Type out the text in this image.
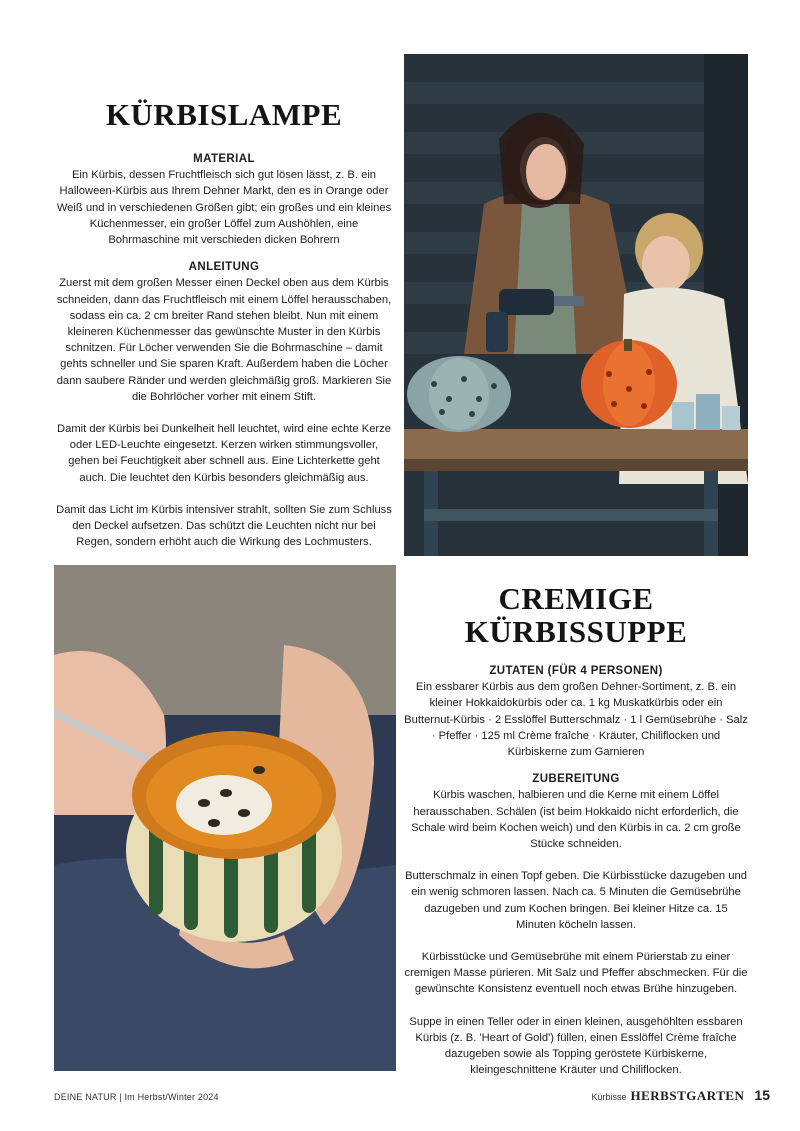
KÜRBISLAMPE
MATERIAL

Ein Kürbis, dessen Fruchtfleisch sich gut lösen lässt, z. B. ein Halloween-Kürbis aus Ihrem Dehner Markt, den es in Orange oder Weiß und in verschiedenen Größen gibt; ein großes und ein kleines Küchenmesser, ein großer Löffel zum Aushöhlen, eine Bohrmaschine mit verschieden dicken Bohrern

ANLEITUNG

Zuerst mit dem großen Messer einen Deckel oben aus dem Kürbis schneiden, dann das Fruchtfleisch mit einem Löffel herausschaben, sodass ein ca. 2 cm breiter Rand stehen bleibt. Nun mit einem kleineren Küchenmesser das gewünschte Muster in den Kürbis schnitzen. Für Löcher verwenden Sie die Bohrmaschine – damit gehts schneller und Sie sparen Kraft. Außerdem haben die Löcher dann saubere Ränder und werden gleichmäßig groß. Markieren Sie die Bohrlöcher vorher mit einem Stift.

Damit der Kürbis bei Dunkelheit hell leuchtet, wird eine echte Kerze oder LED-Leuchte eingesetzt. Kerzen wirken stimmungsvoller, gehen bei Feuchtigkeit aber schnell aus. Eine Lichterkette geht auch. Die leuchtet den Kürbis besonders gleichmäßig aus.

Damit das Licht im Kürbis intensiver strahlt, sollten Sie zum Schluss den Deckel aufsetzen. Das schützt die Leuchten nicht nur bei Regen, sondern erhöht auch die Wirkung des Lochmusters.

CREMIGE
KÜRBISSUPPE
ZUTATEN (FÜR 4 PERSONEN)

Ein essbarer Kürbis aus dem großen Dehner-Sortiment, z. B. ein kleiner Hokkaidokürbis oder ca. 1 kg Muskatkürbis oder ein Butternut-Kürbis · 2 Esslöffel Butterschmalz · 1 l Gemüsebrühe · Salz · Pfeffer · 125 ml Crème fraîche · Kräuter, Chiliflocken und Kürbiskerne zum Garnieren

ZUBEREITUNG

Kürbis waschen, halbieren und die Kerne mit einem Löffel herausschaben. Schälen (ist beim Hokkaido nicht erforderlich, die Schale wird beim Kochen weich) und den Kürbis in ca. 2 cm große Stücke schneiden.

Butterschmalz in einen Topf geben. Die Kürbisstücke dazugeben und ein wenig schmoren lassen. Nach ca. 5 Minuten die Gemüsebrühe dazugeben und zum Kochen bringen. Bei kleiner Hitze ca. 15 Minuten köcheln lassen.

Kürbisstücke und Gemüsebrühe mit einem Pürierstab zu einer cremigen Masse pürieren. Mit Salz und Pfeffer abschmecken. Für die gewünschte Konsistenz eventuell noch etwas Brühe hinzugeben.

Suppe in einen Teller oder in einen kleinen, ausgehöhlten essbaren Kürbis (z. B. 'Heart of Gold') füllen, einen Esslöffel Crème fraîche dazugeben sowie als Topping geröstete Kürbiskerne, kleingeschnittene Kräuter und Chiliflocken.

DEINE NATUR | Im Herbst/Winter 2024	Kürbisse HERBSTGARTEN 15
